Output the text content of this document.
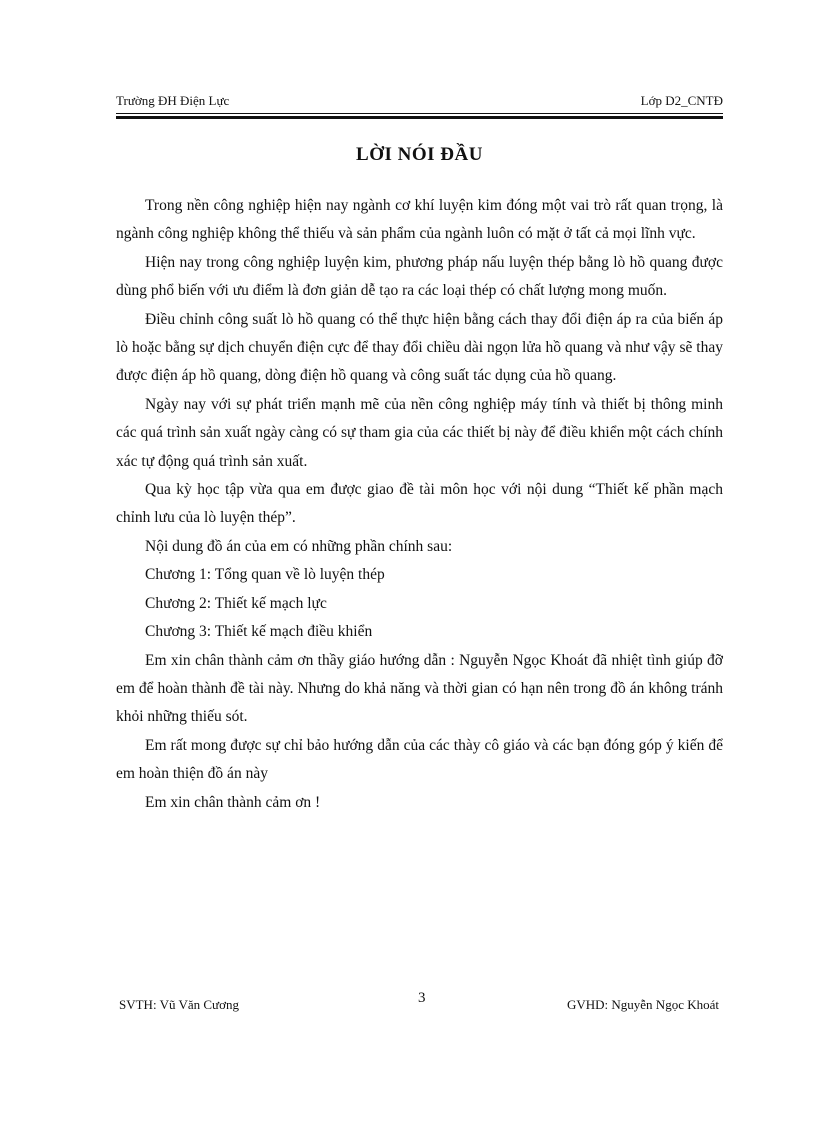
Trường ĐH Điện Lực	Lớp D2_CNTĐ
LỜI NÓI ĐẦU

Trong nền công nghiệp hiện nay ngành cơ khí luyện kim đóng một vai trò rất quan trọng, là ngành công nghiệp không thể thiếu và sản phẩm của ngành luôn có mặt ở tất cả mọi lĩnh vực.

Hiện nay trong công nghiệp luyện kim, phương pháp nấu luyện thép bằng lò hồ quang được dùng phổ biến với ưu điểm là đơn giản dễ tạo ra các loại thép có chất lượng mong muốn.

Điều chỉnh công suất lò hồ quang có thể thực hiện bằng cách thay đổi điện áp ra của biến áp lò hoặc bằng sự dịch chuyển điện cực để thay đổi chiều dài ngọn lửa hồ quang và như vậy sẽ thay được điện áp hồ quang, dòng điện hồ quang và công suất tác dụng của hồ quang.

Ngày nay với sự phát triển mạnh mẽ của nền công nghiệp máy tính và thiết bị thông minh các quá trình sản xuất ngày càng có sự tham gia của các thiết bị này để điều khiển một cách chính xác tự động quá trình sản xuất.

Qua kỳ học tập vừa qua em được giao đề tài môn học với nội dung “Thiết kế phần mạch chỉnh lưu của lò luyện thép”.

Nội dung đồ án của em có những phần chính sau:

Chương 1: Tổng quan về lò luyện thép

Chương 2: Thiết kế mạch lực

Chương 3: Thiết kế mạch điều khiển

Em xin chân thành cảm ơn thầy giáo hướng dẫn : Nguyễn Ngọc Khoát đã nhiệt tình giúp đỡ em để hoàn thành đề tài này. Nhưng do khả năng và thời gian có hạn nên trong đồ án không tránh khỏi những thiếu sót.

Em rất mong được sự chỉ bảo hướng dẫn của các thày cô giáo và các bạn đóng góp ý kiến để em hoàn thiện đồ án này

Em xin chân thành cảm ơn !

SVTH: Vũ Văn Cương	3	GVHD: Nguyễn Ngọc Khoát
